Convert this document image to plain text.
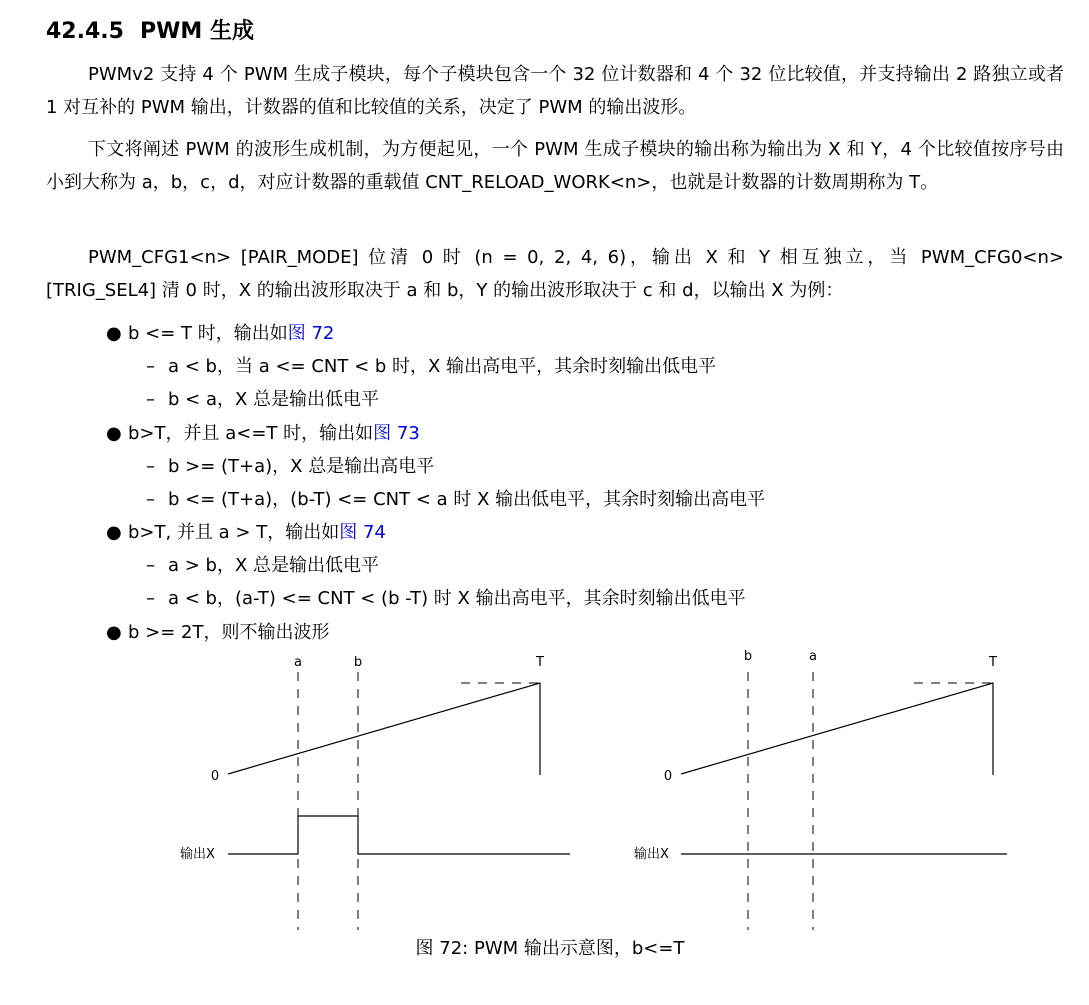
42.4.5 PWM 生成

PWMv2 支持 4 个 PWM 生成子模块，每个子模块包含一个 32 位计数器和 4 个 32 位比较值，并支持输出 2 路独立或者 1 对互补的 PWM 输出，计数器的值和比较值的关系，决定了 PWM 的输出波形。

下文将阐述 PWM 的波形生成机制，为方便起见，一个 PWM 生成子模块的输出称为输出为 X 和 Y，4 个比较值按序号由小到大称为 a，b，c，d，对应计数器的重载值 CNT_RELOAD_WORK<n>，也就是计数器的计数周期称为 T。

PWM_CFG1<n> [PAIR_MODE] 位清 0 时 (n = 0, 2, 4, 6)，输出 X 和 Y 相互独立，当 PWM_CFG0<n> [TRIG_SEL4] 清 0 时，X 的输出波形取决于 a 和 b，Y 的输出波形取决于 c 和 d，以输出 X 为例：

● b <= T 时，输出如图 72
– a < b，当 a <= CNT < b 时，X 输出高电平，其余时刻输出低电平
– b < a，X 总是输出低电平
● b>T，并且 a<=T 时，输出如图 73
– b >= (T+a)，X 总是输出高电平
– b <= (T+a)，(b-T) <= CNT < a 时 X 输出低电平，其余时刻输出高电平
● b>T, 并且 a > T，输出如图 74
– a > b，X 总是输出低电平
– a < b，(a-T) <= CNT < (b -T) 时 X 输出高电平，其余时刻输出低电平
● b >= 2T，则不输出波形
a	b	T
0
输出X
b	a	T
0
输出X
图 72: PWM 输出示意图，b<=T
